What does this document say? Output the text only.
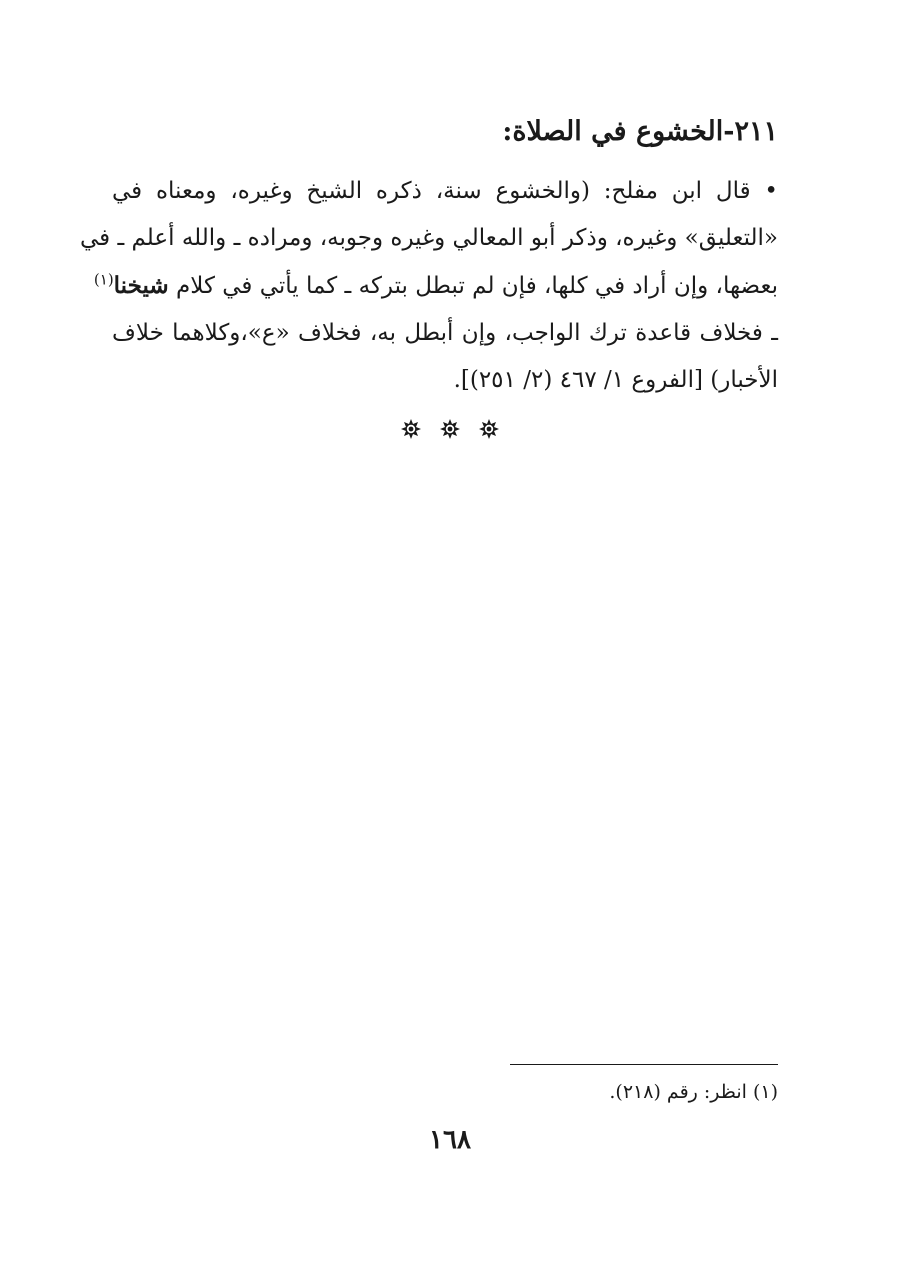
٢١١-الخشوع في الصلاة:
• قال ابن مفلح: (والخشوع سنة، ذكره الشيخ وغيره، ومعناه في
«التعليق» وغيره، وذكر أبو المعالي وغيره وجوبه، ومراده ـ والله أعلم ـ في
بعضها، وإن أراد في كلها، فإن لم تبطل بتركه ـ كما يأتي في كلام شيخنا$^{(١)}$
ـ فخلاف قاعدة ترك الواجب، وإن أبطل به، فخلاف «ع»،وكلاهما خلاف
الأخبار) [الفروع ١/ ٤٦٧ (٢/ ٢٥١)].

(١) انظر: رقم (٢١٨).
١٦٨
